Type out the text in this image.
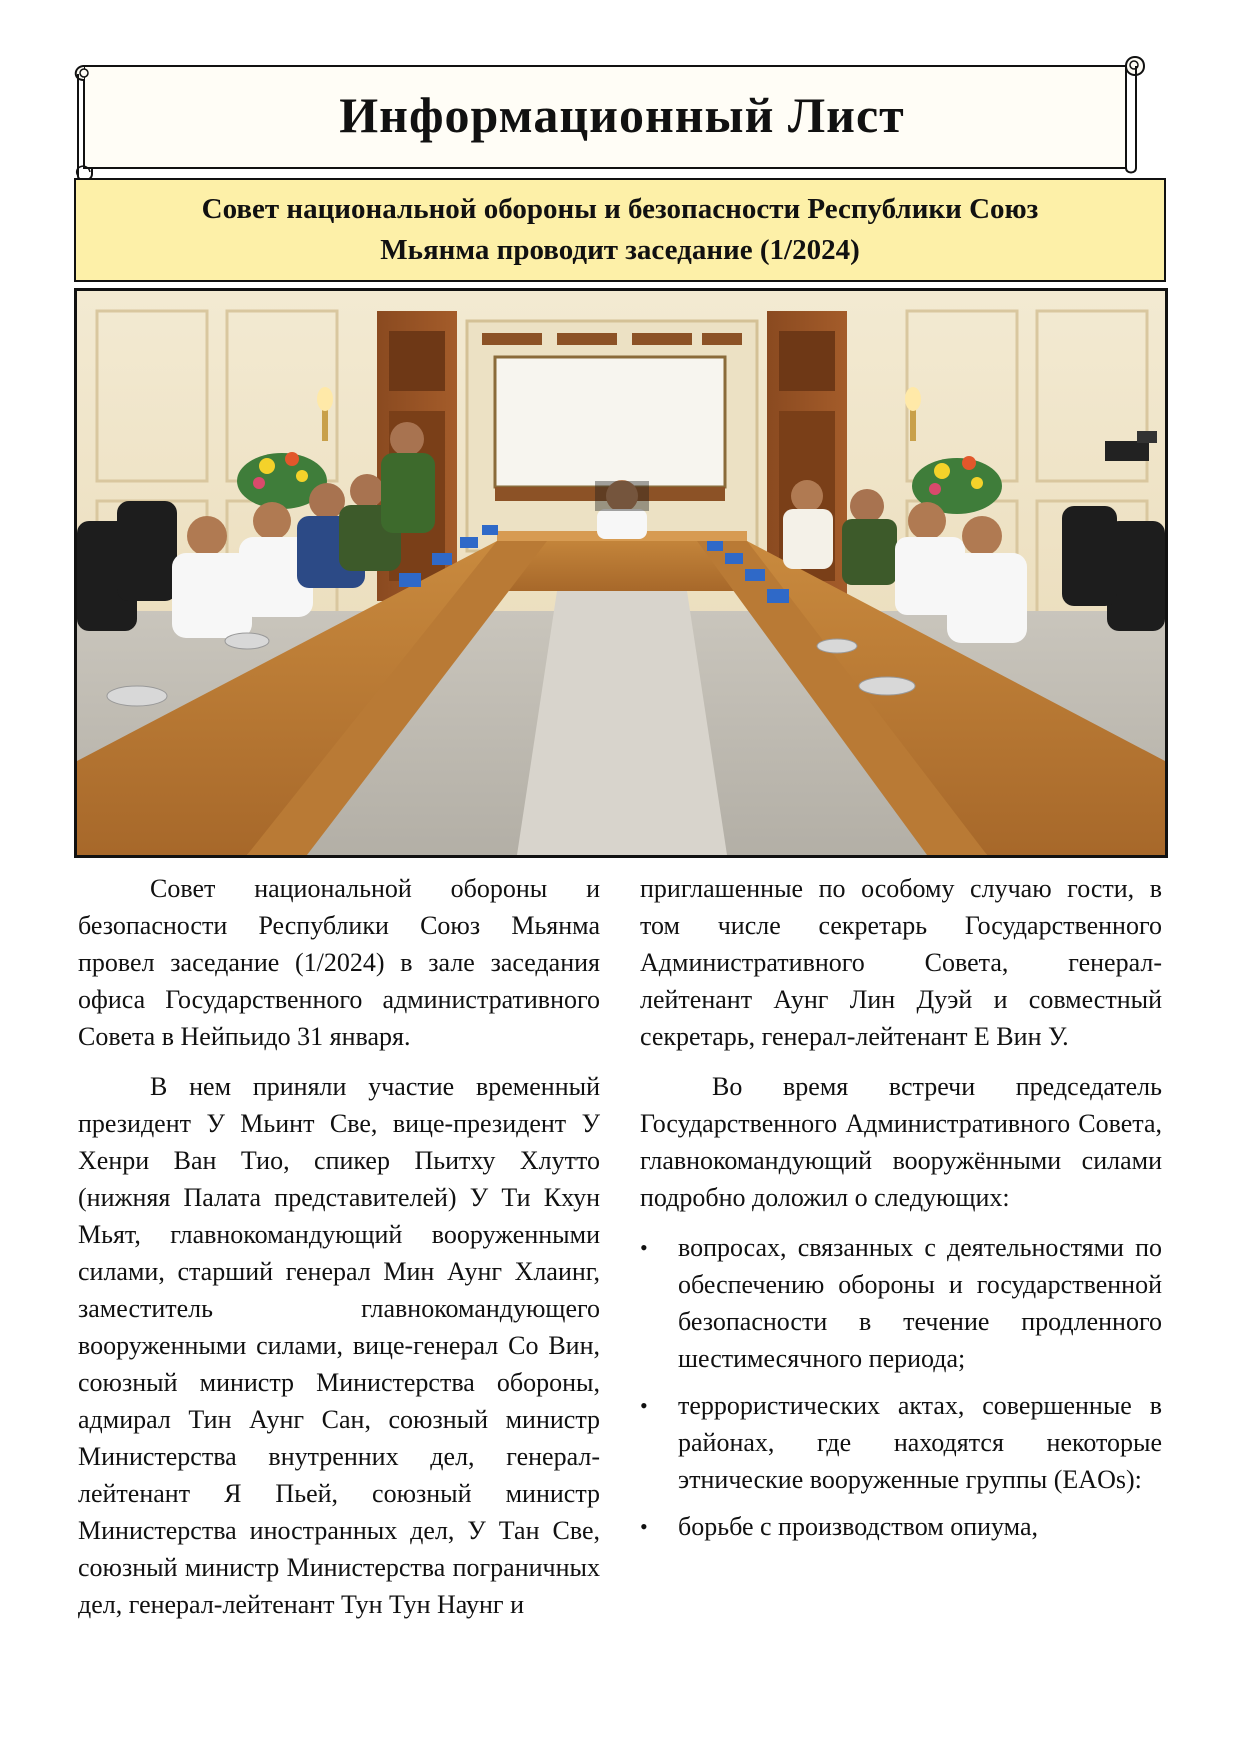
Информационный Лист
Совет национальной обороны и безопасности Республики Союз
Мьянма проводит заседание (1/2024)

Совет национальной обороны и безопасности Республики Союз Мьянма провел заседание (1/2024) в зале заседания офиса Государственного административного Совета в Нейпьидо 31 января.

В нем приняли участие временный президент У Мьинт Све, вице-президент У Хенри Ван Тио, спикер Пьитху Хлутто (нижняя Палата представителей) У Ти Кхун Мьят, главнокомандующий вооруженными силами, старший генерал Мин Аунг Хлаинг, заместитель главнокомандующего вооруженными силами, вице-генерал Со Вин, союзный министр Министерства обороны, адмирал Тин Аунг Сан, союзный министр Министерства внутренних дел, генерал-лейтенант Я Пьей, союзный министр Министерства иностранных дел, У Тан Све, союзный министр Министерства пограничных дел, генерал-лейтенант Тун Тун Наунг и

приглашенные по особому случаю гости, в том числе секретарь Государственного Административного Совета, генерал-лейтенант Аунг Лин Дуэй и совместный секретарь, генерал-лейтенант Е Вин У.

Во время встречи председатель Государственного Административного Совета, главнокомандующий вооружёнными силами подробно доложил о следующих:

• вопросах, связанных с деятельностями по обеспечению обороны и государственной безопасности в течение продленного шестимесячного периода;
• террористических актах, совершенные в районах, где находятся некоторые этнические вооруженные группы (EAOs):
• борьбе с производством опиума,
